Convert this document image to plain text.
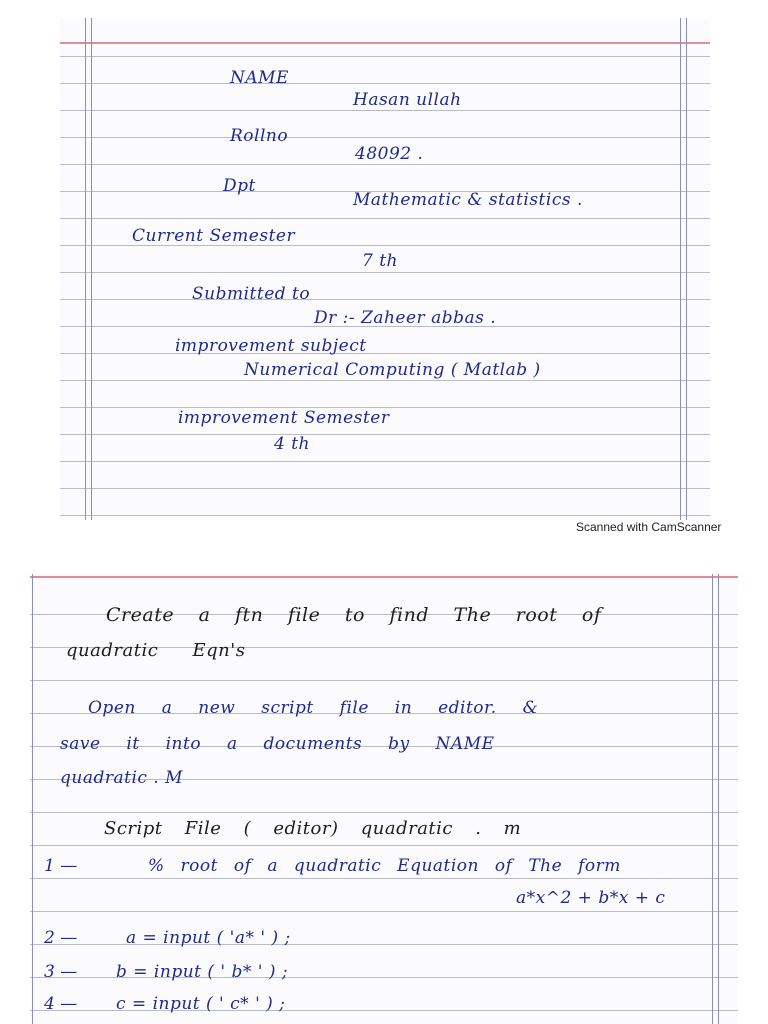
NAME
Hasan ullah
Rollno
48092 .
Dpt
Mathematic & statistics .
Current Semester
7 th
Submitted to
Dr :- Zaheer abbas .
improvement subject
Numerical Computing ( Matlab )
improvement Semester
4 th
Scanned with CamScanner
Create a ftn file to find The root of
quadratic Eqn's
Open a new script file in editor. &
save it into a documents by NAME
quadratic . M
Script File ( editor) quadratic . m
1 —	% root of a quadratic Equation of The form
a*x^2 + b*x + c
2 —	a = input ( 'a* ' ) ;
3 — b = input ( ' b* ' ) ;
4 — c = input ( ' c* ' ) ;
